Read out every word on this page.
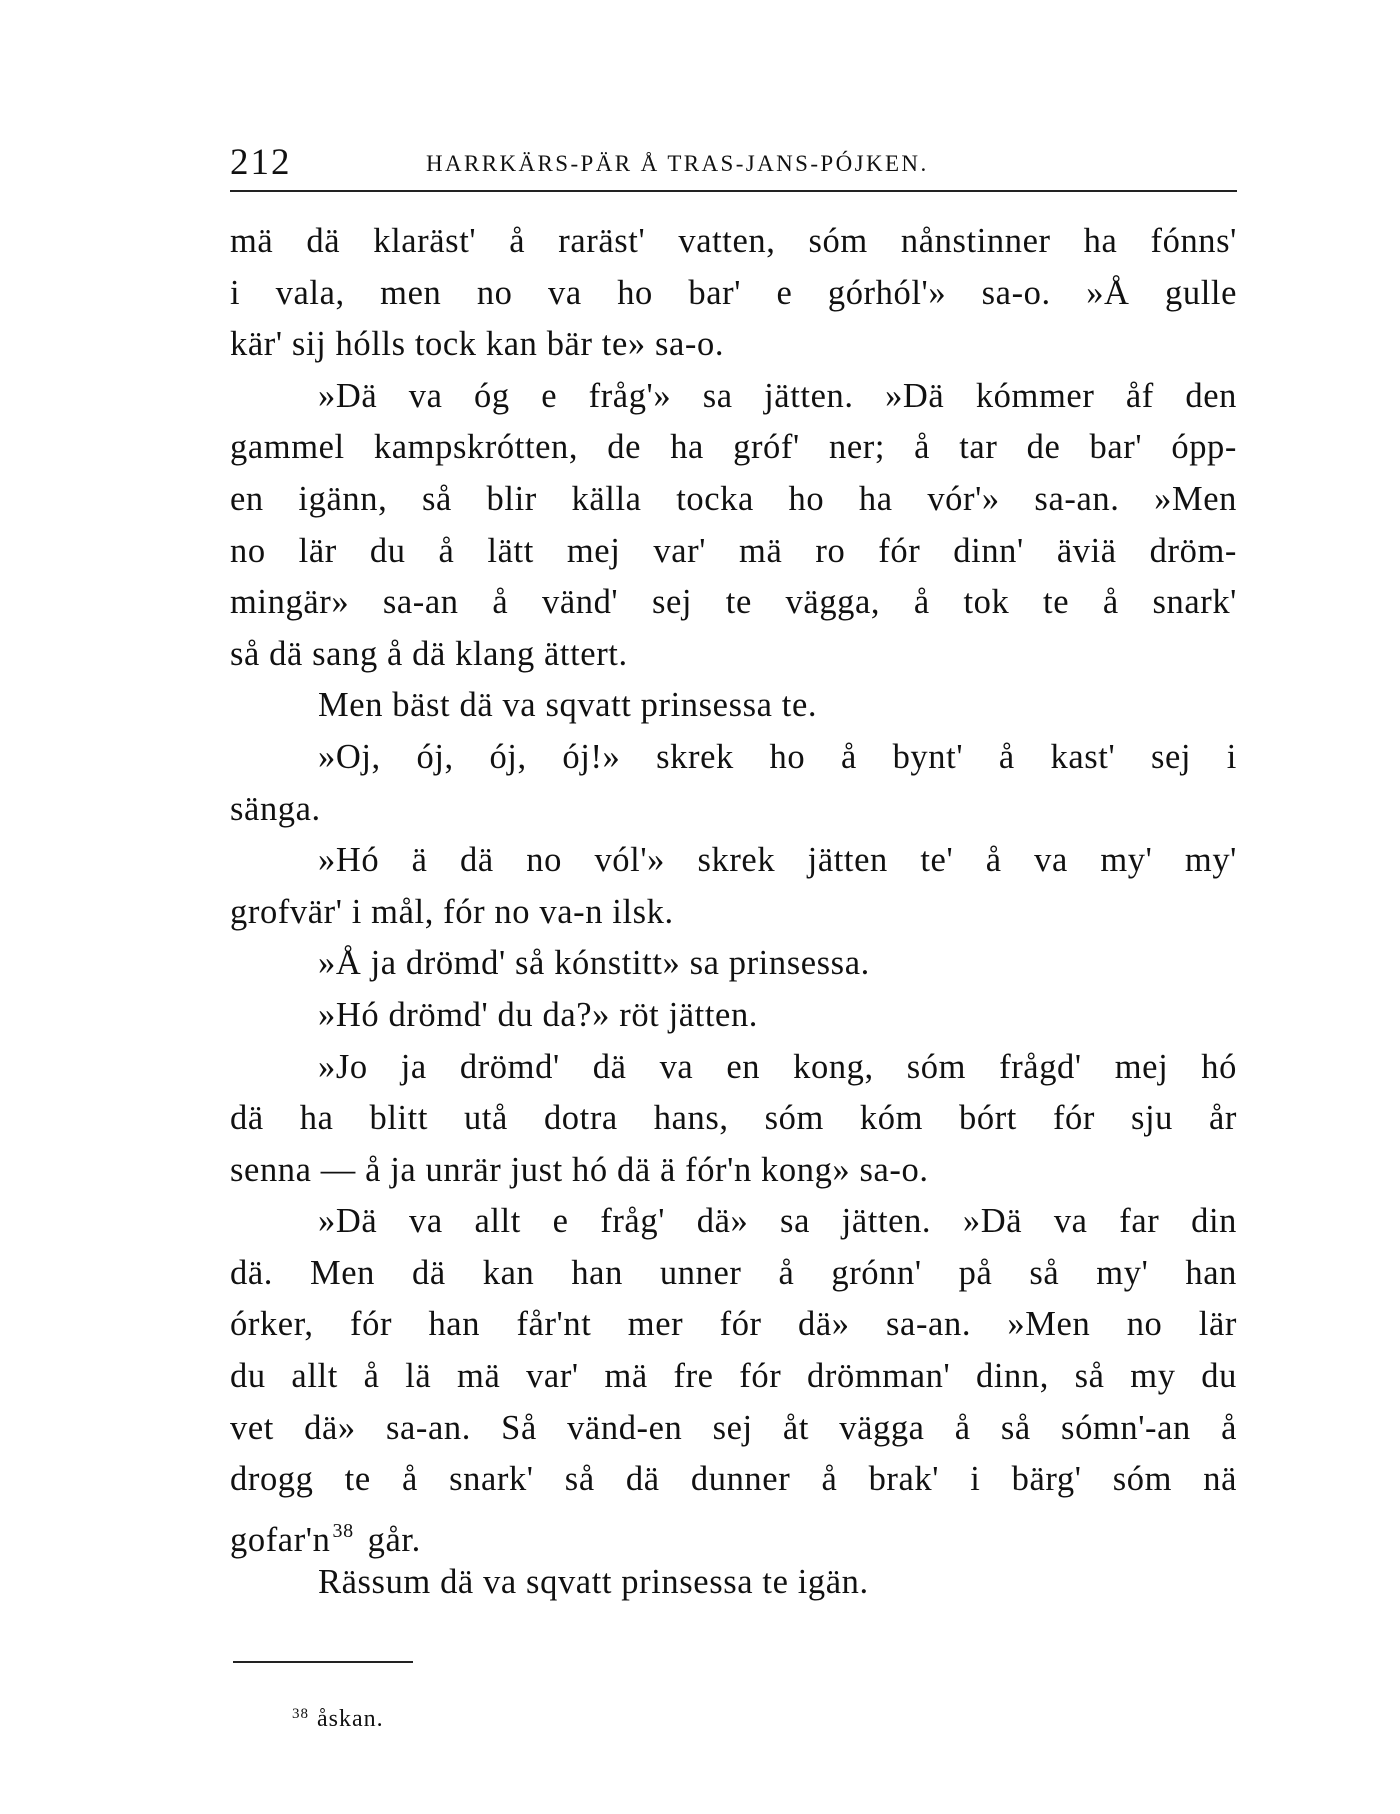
212	HARRKÄRS-PÄR Å TRAS-JANS-PÓJKEN.
mä dä klaräst' å raräst' vatten, sóm nånstinner ha fónns'
i vala, men no va ho bar' e górhól'» sa-o. »Å gulle
kär' sij hólls tock kan bär te» sa-o.
»Dä va óg e fråg'» sa jätten. »Dä kómmer åf den
gammel kampskrótten, de ha gróf' ner; å tar de bar' ópp-
en igänn, så blir källa tocka ho ha vór'» sa-an. »Men
no lär du å lätt mej var' mä ro fór dinn' äviä dröm-
mingär» sa-an å vänd' sej te vägga, å tok te å snark'
så dä sang å dä klang ättert.
Men bäst dä va sqvatt prinsessa te.
»Oj, ój, ój, ój!» skrek ho å bynt' å kast' sej i
sänga.
»Hó ä dä no vól'» skrek jätten te' å va my' my'
grofvär' i mål, fór no va-n ilsk.
»Å ja drömd' så kónstitt» sa prinsessa.
»Hó drömd' du da?» röt jätten.
»Jo ja drömd' dä va en kong, sóm frågd' mej hó
dä ha blitt utå dotra hans, sóm kóm bórt fór sju år
senna — å ja unrär just hó dä ä fór'n kong» sa-o.
»Dä va allt e fråg' dä» sa jätten. »Dä va far din
dä. Men dä kan han unner å grónn' på så my' han
órker, fór han får'nt mer fór dä» sa-an. »Men no lär
du allt å lä mä var' mä fre fór drömman' dinn, så my du
vet dä» sa-an. Så vänd-en sej åt vägga å så sómn'-an å
drogg te å snark' så dä dunner å brak' i bärg' sóm nä
gofar'n $^{38}$ går.
Rässum dä va sqvatt prinsessa te igän.
$^{38}$ åskan.
